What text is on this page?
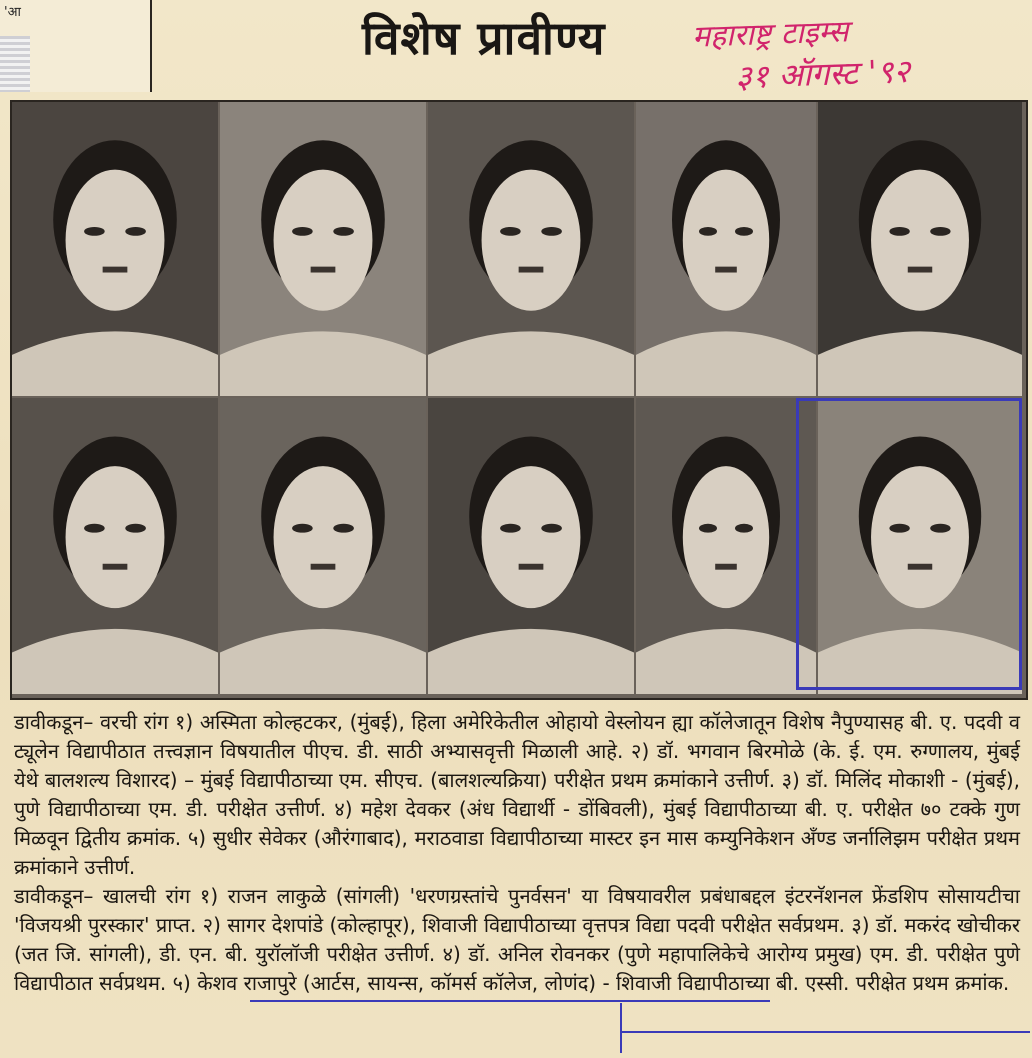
'आ	विशेष प्रावीण्य	महाराष्ट्र टाइम्स
३१ ऑगस्ट '९२

डावीकडून– वरची रांग १) अस्मिता कोल्हटकर, (मुंबई), हिला अमेरिकेतील ओहायो वेस्लोयन ह्या कॉलेजातून विशेष नैपुण्यासह बी. ए. पदवी व ट्यूलेन विद्यापीठात तत्त्वज्ञान विषयातील पीएच. डी. साठी अभ्यासवृत्ती मिळाली आहे. २) डॉ. भगवान बिरमोळे (के. ई. एम. रुग्णालय, मुंबई येथे बालशल्य विशारद) – मुंबई विद्यापीठाच्या एम. सीएच. (बालशल्यक्रिया) परीक्षेत प्रथम क्रमांकाने उत्तीर्ण. ३) डॉ. मिलिंद मोकाशी - (मुंबई), पुणे विद्यापीठाच्या एम. डी. परीक्षेत उत्तीर्ण. ४) महेश देवकर (अंध विद्यार्थी - डोंबिवली), मुंबई विद्यापीठाच्या बी. ए. परीक्षेत ७० टक्के गुण मिळवून द्वितीय क्रमांक. ५) सुधीर सेवेकर (औरंगाबाद), मराठवाडा विद्यापीठाच्या मास्टर इन मास कम्युनिकेशन अँण्ड जर्नालिझम परीक्षेत प्रथम क्रमांकाने उत्तीर्ण.

डावीकडून– खालची रांग १) राजन लाकुळे (सांगली) 'धरणग्रस्तांचे पुनर्वसन' या विषयावरील प्रबंधाबद्दल इंटरनॅशनल फ्रेंडशिप सोसायटीचा 'विजयश्री पुरस्कार' प्राप्त. २) सागर देशपांडे (कोल्हापूर), शिवाजी विद्यापीठाच्या वृत्तपत्र विद्या पदवी परीक्षेत सर्वप्रथम. ३) डॉ. मकरंद खोचीकर (जत जि. सांगली), डी. एन. बी. युरॉलॉजी परीक्षेत उत्तीर्ण. ४) डॉ. अनिल रोवनकर (पुणे महापालिकेचे आरोग्य प्रमुख) एम. डी. परीक्षेत पुणे विद्यापीठात सर्वप्रथम. ५) केशव राजापुरे (आर्टस, सायन्स, कॉमर्स कॉलेज, लोणंद) - शिवाजी विद्यापीठाच्या बी. एस्सी. परीक्षेत प्रथम क्रमांक.
